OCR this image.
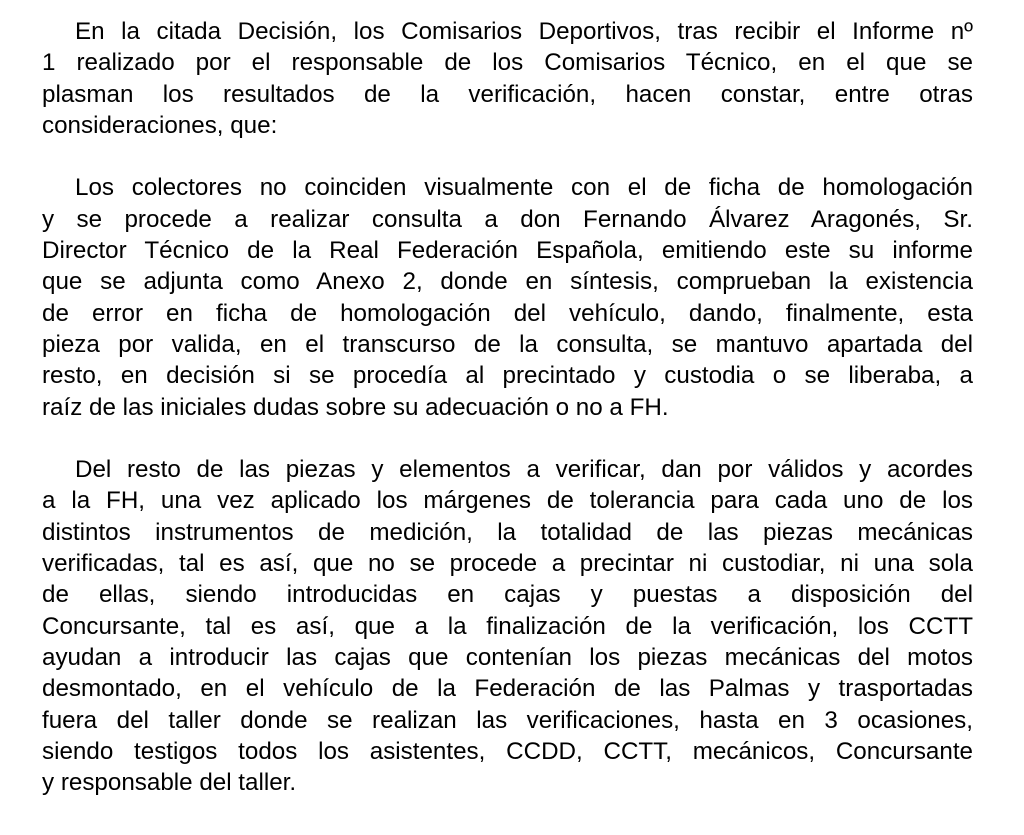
En la citada Decisión, los Comisarios Deportivos, tras recibir el Informe nº
1 realizado por el responsable de los Comisarios Técnico, en el que se
plasman los resultados de la verificación, hacen constar, entre otras
consideraciones, que:
Los colectores no coinciden visualmente con el de ficha de homologación
y se procede a realizar consulta a don Fernando Álvarez Aragonés, Sr.
Director Técnico de la Real Federación Española, emitiendo este su informe
que se adjunta como Anexo 2, donde en síntesis, comprueban la existencia
de error en ficha de homologación del vehículo, dando, finalmente, esta
pieza por valida, en el transcurso de la consulta, se mantuvo apartada del
resto, en decisión si se procedía al precintado y custodia o se liberaba, a
raíz de las iniciales dudas sobre su adecuación o no a FH.
Del resto de las piezas y elementos a verificar, dan por válidos y acordes
a la FH, una vez aplicado los márgenes de tolerancia para cada uno de los
distintos instrumentos de medición, la totalidad de las piezas mecánicas
verificadas, tal es así, que no se procede a precintar ni custodiar, ni una sola
de ellas, siendo introducidas en cajas y puestas a disposición del
Concursante, tal es así, que a la finalización de la verificación, los CCTT
ayudan a introducir las cajas que contenían los piezas mecánicas del motos
desmontado, en el vehículo de la Federación de las Palmas y trasportadas
fuera del taller donde se realizan las verificaciones, hasta en 3 ocasiones,
siendo testigos todos los asistentes, CCDD, CCTT, mecánicos, Concursante
y responsable del taller.
